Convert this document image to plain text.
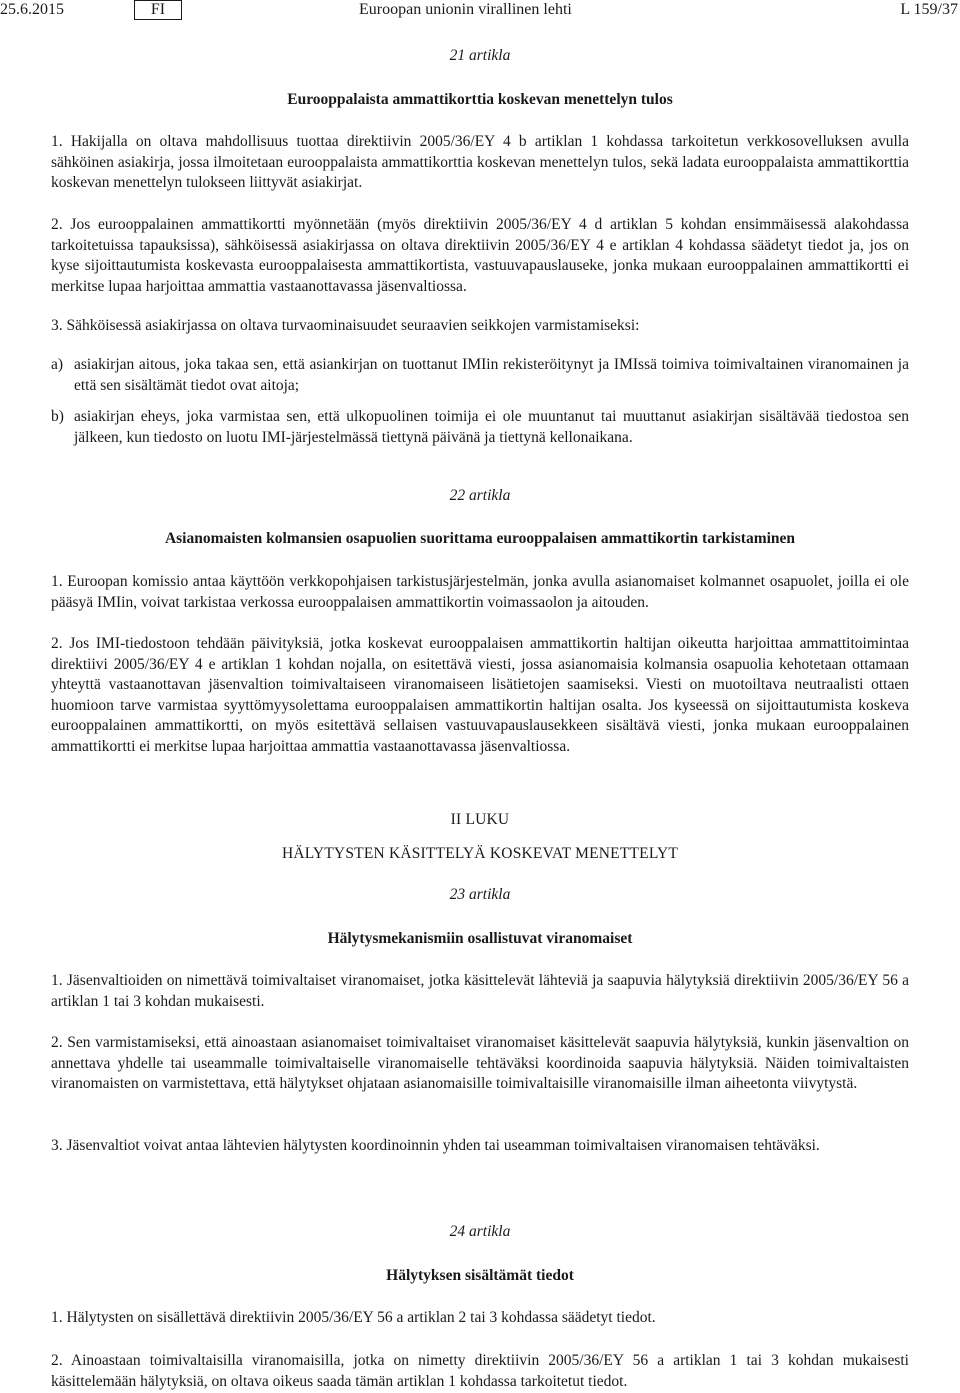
25.6.2015	FI	Euroopan unionin virallinen lehti	L 159/37
21 artikla
Eurooppalaista ammattikorttia koskevan menettelyn tulos
1. Hakijalla on oltava mahdollisuus tuottaa direktiivin 2005/36/EY 4 b artiklan 1 kohdassa tarkoitetun verkkosovelluksen avulla sähköinen asiakirja, jossa ilmoitetaan eurooppalaista ammattikorttia koskevan menettelyn tulos, sekä ladata eurooppalaista ammattikorttia koskevan menettelyn tulokseen liittyvät asiakirjat.
2. Jos eurooppalainen ammattikortti myönnetään (myös direktiivin 2005/36/EY 4 d artiklan 5 kohdan ensimmäisessä alakohdassa tarkoitetuissa tapauksissa), sähköisessä asiakirjassa on oltava direktiivin 2005/36/EY 4 e artiklan 4 kohdassa säädetyt tiedot ja, jos on kyse sijoittautumista koskevasta eurooppalaisesta ammattikortista, vastuuvapauslauseke, jonka mukaan eurooppalainen ammattikortti ei merkitse lupaa harjoittaa ammattia vastaanottavassa jäsenvaltiossa.
3. Sähköisessä asiakirjassa on oltava turvaominaisuudet seuraavien seikkojen varmistamiseksi:
a) asiakirjan aitous, joka takaa sen, että asiankirjan on tuottanut IMIin rekisteröitynyt ja IMIssä toimiva toimivaltainen viranomainen ja että sen sisältämät tiedot ovat aitoja;
b) asiakirjan eheys, joka varmistaa sen, että ulkopuolinen toimija ei ole muuntanut tai muuttanut asiakirjan sisältävää tiedostoa sen jälkeen, kun tiedosto on luotu IMI-järjestelmässä tiettynä päivänä ja tiettynä kellonaikana.
22 artikla
Asianomaisten kolmansien osapuolien suorittama eurooppalaisen ammattikortin tarkistaminen
1. Euroopan komissio antaa käyttöön verkkopohjaisen tarkistusjärjestelmän, jonka avulla asianomaiset kolmannet osapuolet, joilla ei ole pääsyä IMIin, voivat tarkistaa verkossa eurooppalaisen ammattikortin voimassaolon ja aitouden.
2. Jos IMI-tiedostoon tehdään päivityksiä, jotka koskevat eurooppalaisen ammattikortin haltijan oikeutta harjoittaa ammattitoimintaa direktiivi 2005/36/EY 4 e artiklan 1 kohdan nojalla, on esitettävä viesti, jossa asianomaisia kolmansia osapuolia kehotetaan ottamaan yhteyttä vastaanottavan jäsenvaltion toimivaltaiseen viranomaiseen lisätietojen saamiseksi. Viesti on muotoiltava neutraalisti ottaen huomioon tarve varmistaa syyttömyysolettama eurooppalaisen ammattikortin haltijan osalta. Jos kyseessä on sijoittautumista koskeva eurooppalainen ammattikortti, on myös esitettävä sellaisen vastuuvapauslausekkeen sisältävä viesti, jonka mukaan eurooppalainen ammattikortti ei merkitse lupaa harjoittaa ammattia vastaanottavassa jäsenvaltiossa.
II LUKU
HÄLYTYSTEN KÄSITTELYÄ KOSKEVAT MENETTELYT
23 artikla
Hälytysmekanismiin osallistuvat viranomaiset
1. Jäsenvaltioiden on nimettävä toimivaltaiset viranomaiset, jotka käsittelevät lähteviä ja saapuvia hälytyksiä direktiivin 2005/36/EY 56 a artiklan 1 tai 3 kohdan mukaisesti.
2. Sen varmistamiseksi, että ainoastaan asianomaiset toimivaltaiset viranomaiset käsittelevät saapuvia hälytyksiä, kunkin jäsenvaltion on annettava yhdelle tai useammalle toimivaltaiselle viranomaiselle tehtäväksi koordinoida saapuvia hälytyksiä. Näiden toimivaltaisten viranomaisten on varmistettava, että hälytykset ohjataan asianomaisille toimivaltaisille viranomaisille ilman aiheetonta viivytystä.
3. Jäsenvaltiot voivat antaa lähtevien hälytysten koordinoinnin yhden tai useamman toimivaltaisen viranomaisen tehtäväksi.
24 artikla
Hälytyksen sisältämät tiedot
1. Hälytysten on sisällettävä direktiivin 2005/36/EY 56 a artiklan 2 tai 3 kohdassa säädetyt tiedot.
2. Ainoastaan toimivaltaisilla viranomaisilla, jotka on nimetty direktiivin 2005/36/EY 56 a artiklan 1 tai 3 kohdan mukaisesti käsittelemään hälytyksiä, on oltava oikeus saada tämän artiklan 1 kohdassa tarkoitetut tiedot.
